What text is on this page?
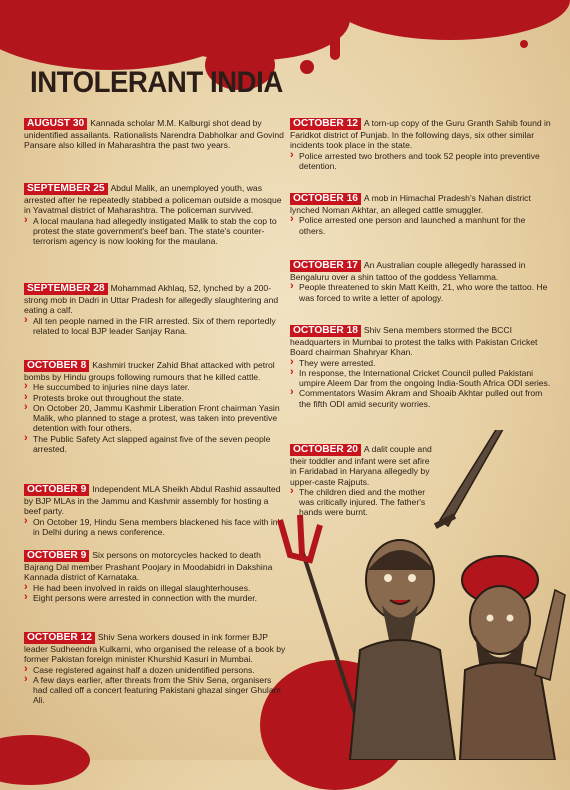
INTOLERANT INDIA

AUGUST 30 Kannada scholar M.M. Kalburgi shot dead by unidentified assailants. Rationalists Narendra Dabholkar and Govind Pansare also killed in Maharashtra the past two years.

SEPTEMBER 25 Abdul Malik, an unemployed youth, was arrested after he repeatedly stabbed a policeman outside a mosque in Yavatmal district of Maharashtra. The policeman survived.

› A local maulana had allegedly instigated Malik to stab the cop to protest the state government's beef ban. The state's counter-terrorism agency is now looking for the maulana.

SEPTEMBER 28 Mohammad Akhlaq, 52, lynched by a 200-strong mob in Dadri in Uttar Pradesh for allegedly slaughtering and eating a calf.

› All ten people named in the FIR arrested. Six of them reportedly related to local BJP leader Sanjay Rana.

OCTOBER 8 Kashmiri trucker Zahid Bhat attacked with petrol bombs by Hindu groups following rumours that he killed cattle.

› He succumbed to injuries nine days later.

› Protests broke out throughout the state.

› On October 20, Jammu Kashmir Liberation Front chairman Yasin Malik, who planned to stage a protest, was taken into preventive detention with four others.

› The Public Safety Act slapped against five of the seven people arrested.

OCTOBER 9 Independent MLA Sheikh Abdul Rashid assaulted by BJP MLAs in the Jammu and Kashmir assembly for hosting a beef party.

› On October 19, Hindu Sena members blackened his face with ink in Delhi during a news conference.

OCTOBER 9 Six persons on motorcycles hacked to death Bajrang Dal member Prashant Poojary in Moodabidri in Dakshina Kannada district of Karnataka.

› He had been involved in raids on illegal slaughterhouses.

› Eight persons were arrested in connection with the murder.

OCTOBER 12 Shiv Sena workers doused in ink former BJP leader Sudheendra Kulkarni, who organised the release of a book by former Pakistan foreign minister Khurshid Kasuri in Mumbai.

› Case registered against half a dozen unidentified persons.

› A few days earlier, after threats from the Shiv Sena, organisers had called off a concert featuring Pakistani ghazal singer Ghulam Ali.

OCTOBER 12 A torn-up copy of the Guru Granth Sahib found in Faridkot district of Punjab. In the following days, six other similar incidents took place in the state.

› Police arrested two brothers and took 52 people into preventive detention.

OCTOBER 16 A mob in Himachal Pradesh's Nahan district lynched Noman Akhtar, an alleged cattle smuggler.

› Police arrested one person and launched a manhunt for the others.

OCTOBER 17 An Australian couple allegedly harassed in Bengaluru over a shin tattoo of the goddess Yellamma.

› People threatened to skin Matt Keith, 21, who wore the tattoo. He was forced to write a letter of apology.

OCTOBER 18 Shiv Sena members stormed the BCCI headquarters in Mumbai to protest the talks with Pakistan Cricket Board chairman Shahryar Khan.

› They were arrested.

› In response, the International Cricket Council pulled Pakistani umpire Aleem Dar from the ongoing India-South Africa ODI series.

› Commentators Wasim Akram and Shoaib Akhtar pulled out from the fifth ODI amid security worries.

OCTOBER 20 A dalit couple and their toddler and infant were set afire in Faridabad in Haryana allegedly by upper-caste Rajputs.

› The children died and the mother was critically injured. The father's hands were burnt.
